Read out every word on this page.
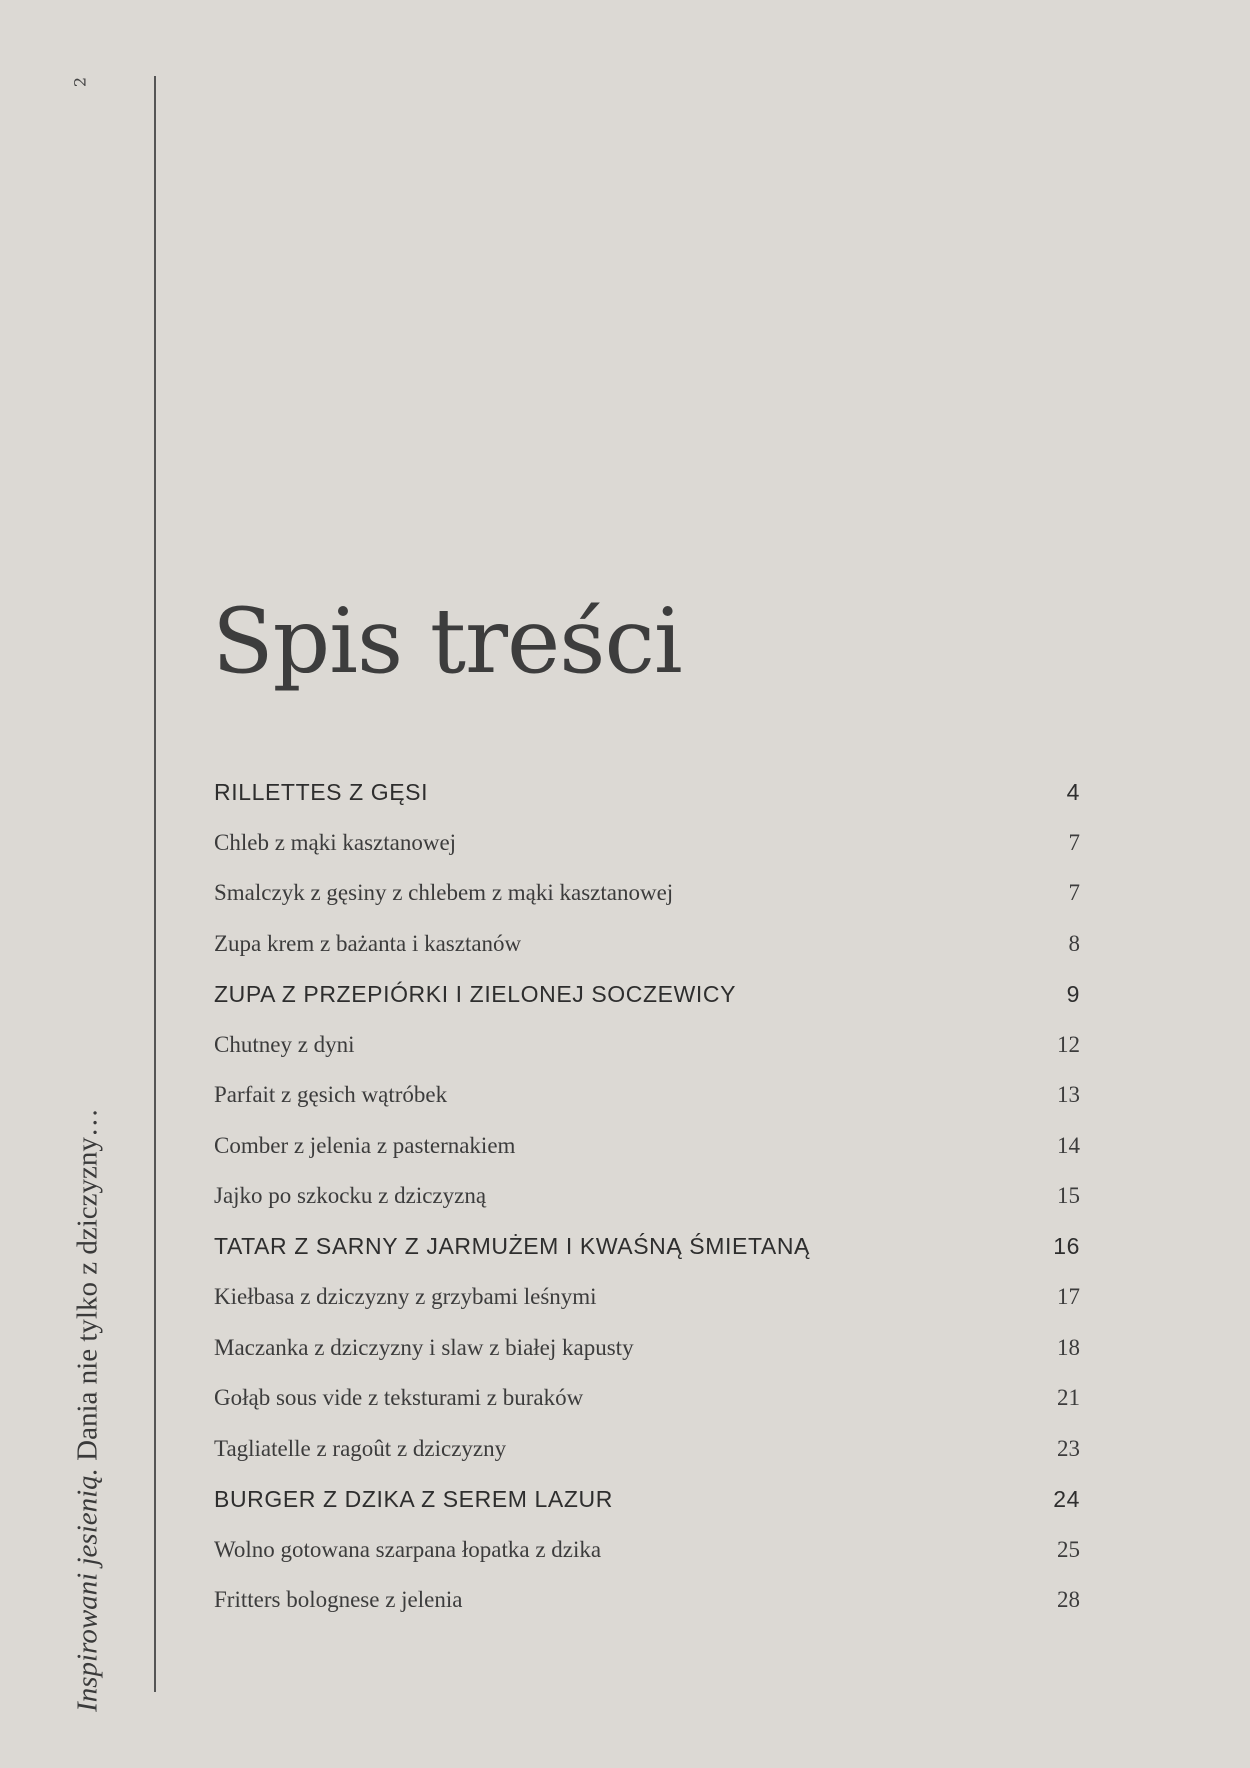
2
Inspirowani jesienią. Dania nie tylko z dziczyzny…
Spis treści
RILLETTES Z GĘSI	4
Chleb z mąki kasztanowej	7
Smalczyk z gęsiny z chlebem z mąki kasztanowej	7
Zupa krem z bażanta i kasztanów	8
ZUPA Z PRZEPIÓRKI I ZIELONEJ SOCZEWICY	9
Chutney z dyni	12
Parfait z gęsich wątróbek	13
Comber z jelenia z pasternakiem	14
Jajko po szkocku z dziczyzną	15
TATAR Z SARNY Z JARMUŻEM I KWAŚNĄ ŚMIETANĄ	16
Kiełbasa z dziczyzny z grzybami leśnymi	17
Maczanka z dziczyzny i slaw z białej kapusty	18
Gołąb sous vide z teksturami z buraków	21
Tagliatelle z ragoût z dziczyzny	23
BURGER Z DZIKA Z SEREM LAZUR	24
Wolno gotowana szarpana łopatka z dzika	25
Fritters bolognese z jelenia	28
